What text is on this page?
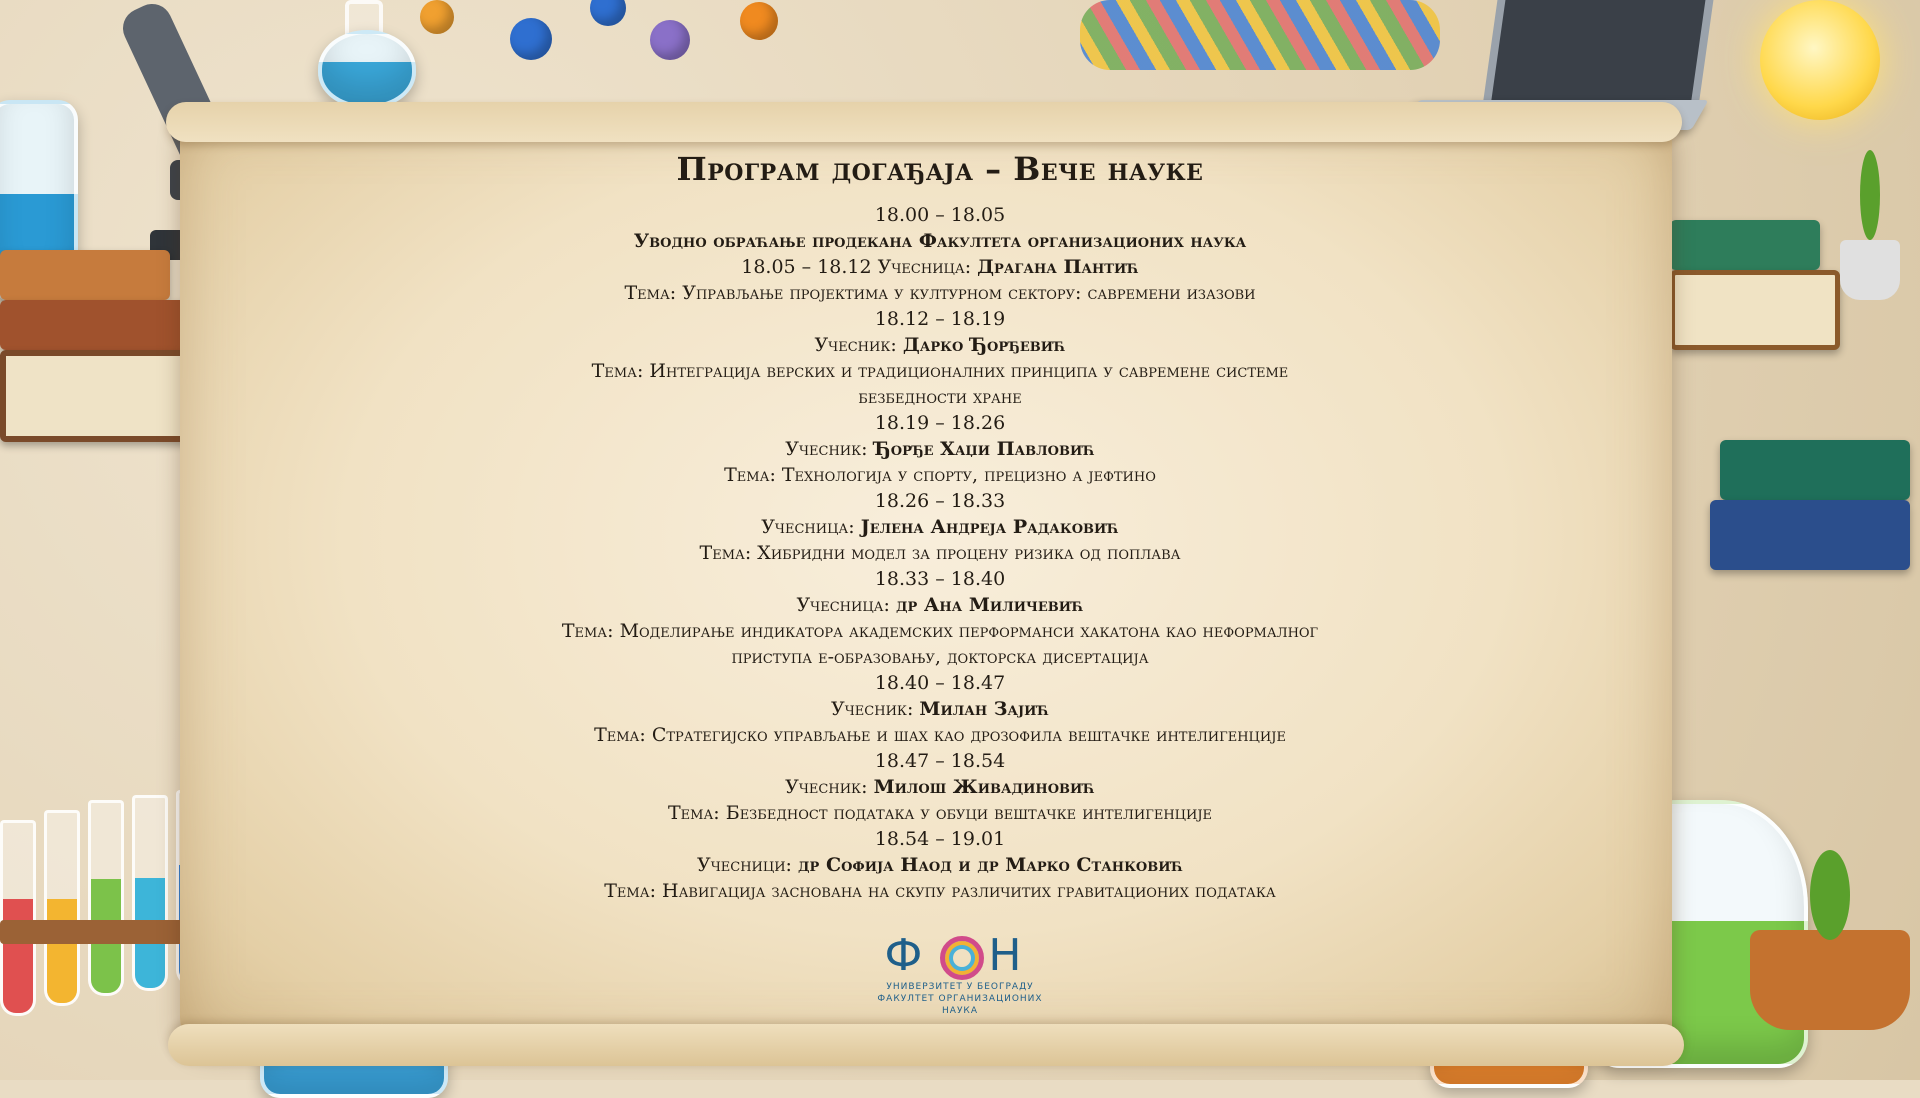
Програм догађаја – Вече науке

18.00 – 18.05

Уводно обраћање продекана Факултета организационих наука

18.05 – 18.12 Учесница: Драгана Пантић

Тема: Управљање пројектима у културном сектору: савремени изазови

18.12 – 18.19

Учесник: Дарко Ђорђевић

Тема: Интеграција верских и традиционалних принципа у савремене системе

безбедности хране

18.19 – 18.26

Учесник: Ђорђе Хаџи Павловић

Тема: Технологија у спорту, прецизно а јефтино

18.26 – 18.33

Учесница: Јелена Андреја Радаковић

Тема: Хибридни модел за процену ризика од поплава

18.33 – 18.40

Учесница: др Ана Миличевић

Тема: Моделирање индикатора академских перформанси хакатона као неформалног

приступа е-образовању, докторска дисертација

18.40 – 18.47

Учесник: Милан Зајић

Тема: Стратегијско управљање и шах као дрозофила вештачке интелигенције

18.47 – 18.54

Учесник: Милош Живадиновић

Тема: Безбедност података у обуци вештачке интелигенције

18.54 – 19.01

Учесници: др Софија Наод и др Марко Станковић

Тема: Навигација заснована на скупу различитих гравитационих података

Ф Н
УНИВЕРЗИТЕТ У БЕОГРАДУ
ФАКУЛТЕТ ОРГАНИЗАЦИОНИХ НАУКА
